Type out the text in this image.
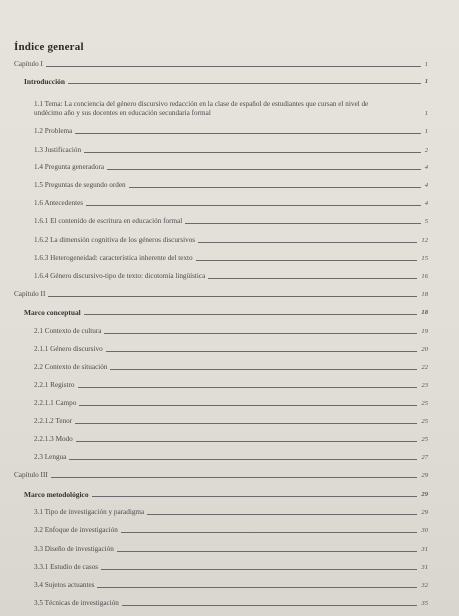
Índice general
Capítulo I	1
Introducción	1
1.1 Tema: La conciencia del género discursivo redacción en la clase de español de estudiantes que cursan el nivel de undécimo año y sus docentes en educación secundaria formal	1
1.2 Problema	1
1.3 Justificación	2
1.4 Pregunta generadora	4
1.5 Preguntas de segundo orden	4
1.6 Antecedentes	4
1.6.1 El contenido de escritura en educación formal	5
1.6.2 La dimensión cognitiva de los géneros discursivos	12
1.6.3 Heterogeneidad: característica inherente del texto	15
1.6.4 Género discursivo-tipo de texto: dicotomía lingüística	16
Capítulo II	18
Marco conceptual	18
2.1 Contexto de cultura	19
2.1.1 Género discursivo	20
2.2 Contexto de situación	22
2.2.1 Registro	23
2.2.1.1 Campo	25
2.2.1.2 Tenor	25
2.2.1.3 Modo	25
2.3 Lengua	27
Capítulo III	29
Marco metodológico	29
3.1 Tipo de investigación y paradigma	29
3.2 Enfoque de investigación	30
3.3 Diseño de investigación	31
3.3.1 Estudio de casos	31
3.4 Sujetos actuantes	32
3.5 Técnicas de investigación	35
